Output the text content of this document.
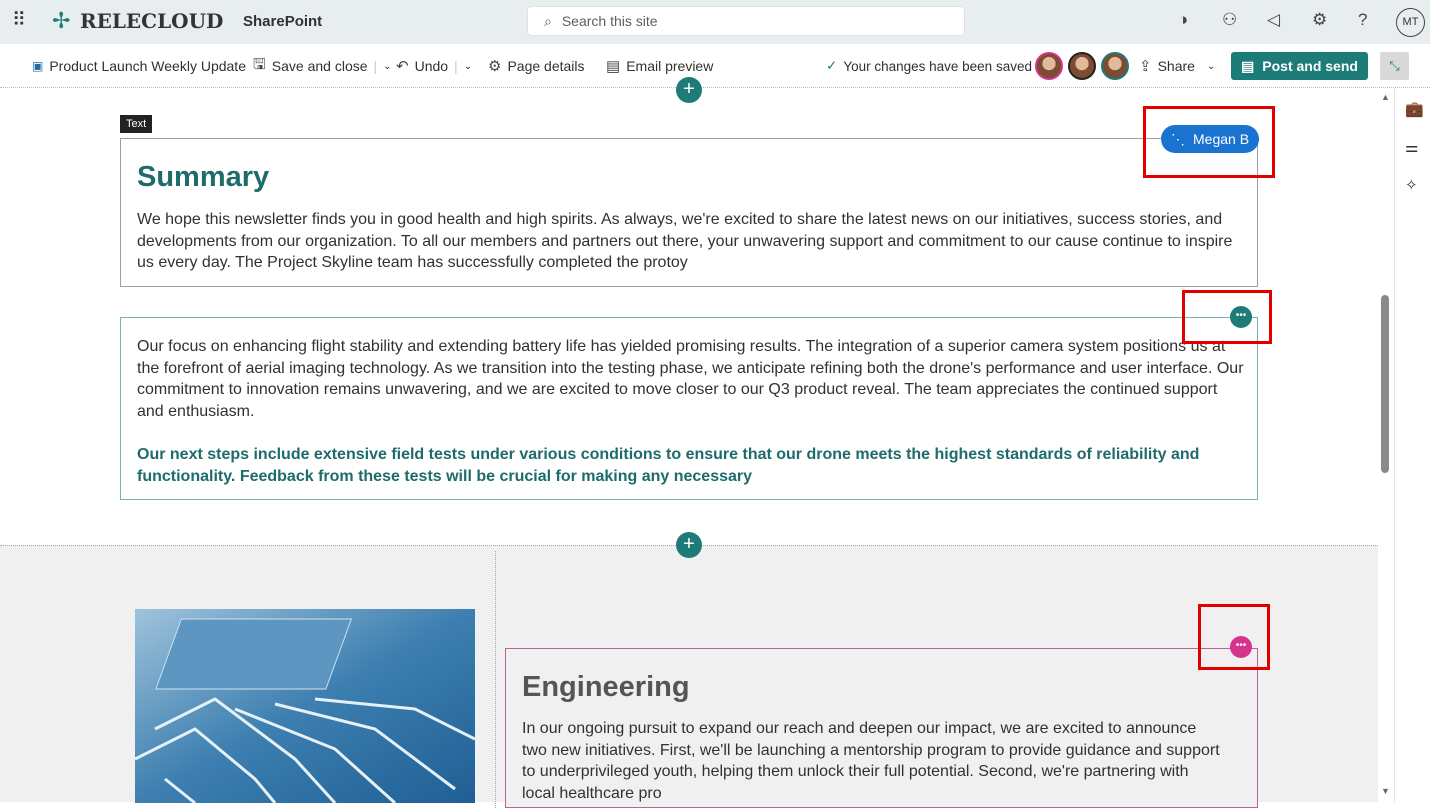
⠿ ✢ RELECLOUD SharePoint	⌕ Search this site	◑ ⚇ ◁ ⚙ ?	MT
▣ Product Launch Weekly Update 🖫 Save and close | ⌄ ↶ Undo | ⌄ ⚙ Page details ▤ Email preview	✓ Your changes have been saved	⇪ Share ⌄ ▤ Post and send	⤡
+
Text
Summary

We hope this newsletter finds you in good health and high spirits. As always, we're excited to share the latest news on our initiatives, success stories, and developments from our organization. To all our members and partners out there, your unwavering support and commitment to our cause continue to inspire us every day. The Project Skyline team has successfully completed the protoy

⋱ Megan B

Our focus on enhancing flight stability and extending battery life has yielded promising results. The integration of a superior camera system positions us at the forefront of aerial imaging technology. As we transition into the testing phase, we anticipate refining both the drone's performance and user interface. Our commitment to innovation remains unwavering, and we are excited to move closer to our Q3 product reveal. The team appreciates the continued support and enthusiasm.

Our next steps include extensive field tests under various conditions to ensure that our drone meets the highest standards of reliability and functionality. Feedback from these tests will be crucial for making any necessary

•••
+
Engineering

In our ongoing pursuit to expand our reach and deepen our impact, we are excited to announce two new initiatives. First, we'll be launching a mentorship program to provide guidance and support to underprivileged youth, helping them unlock their full potential. Second, we're partnering with local healthcare pro

•••
▲
▼
💼
⚌
✧
